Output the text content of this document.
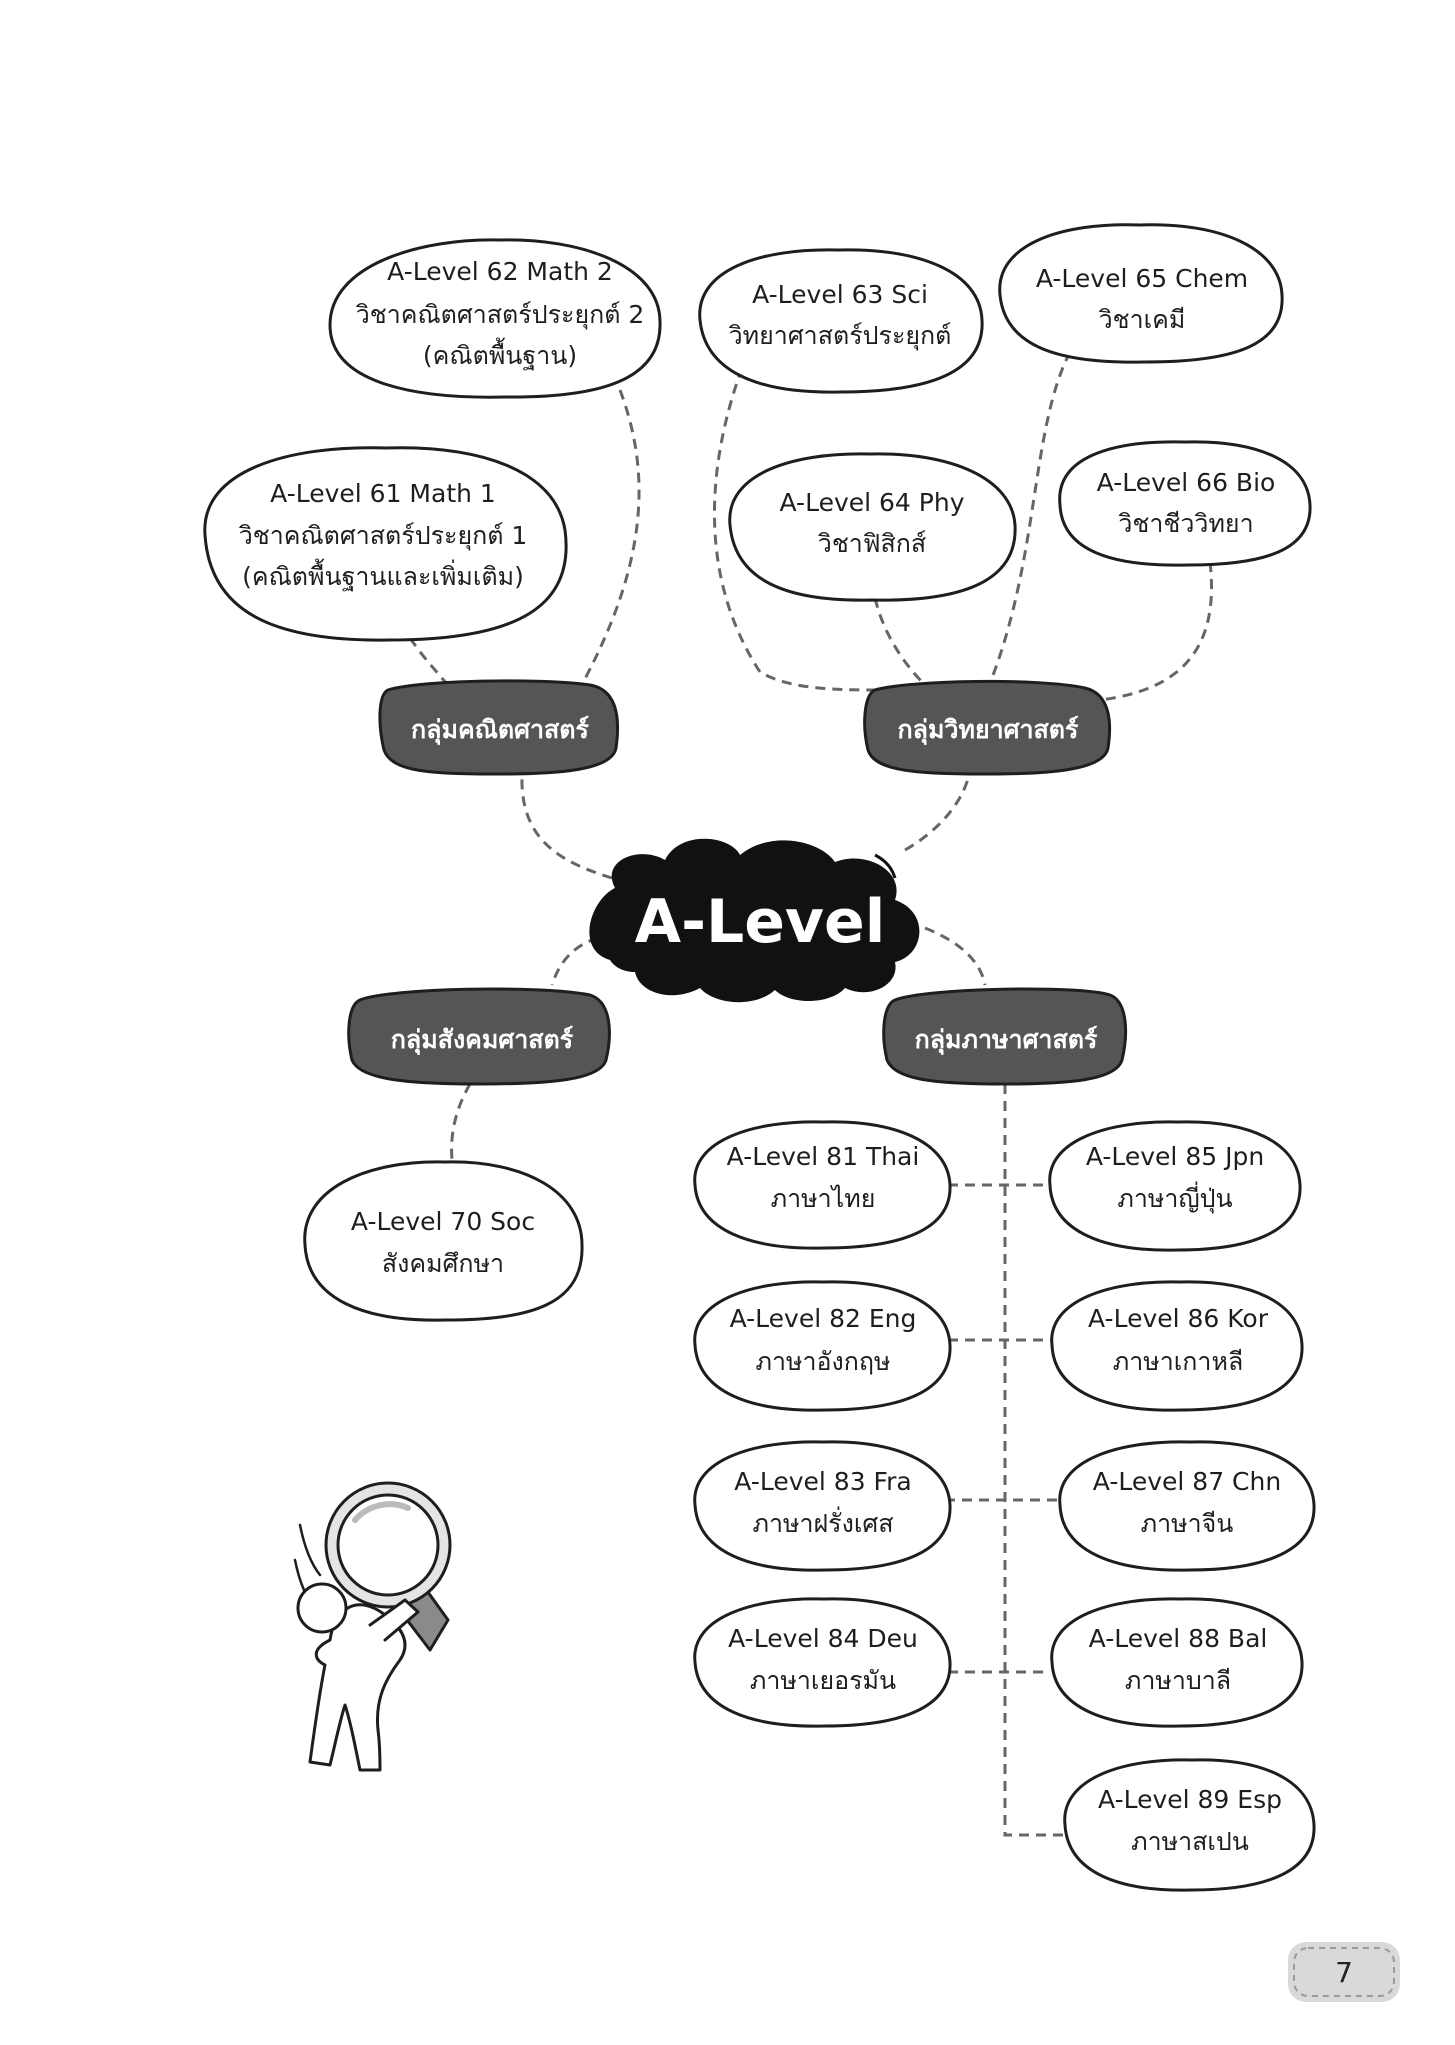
A-Level 62 Math 2
วิชาคณิตศาสตร์ประยุกต์ 2
(คณิตพื้นฐาน)
A-Level 61 Math 1
วิชาคณิตศาสตร์ประยุกต์ 1
(คณิตพื้นฐานและเพิ่มเติม)
A-Level 63 Sci
วิทยาศาสตร์ประยุกต์
A-Level 65 Chem
วิชาเคมี
A-Level 64 Phy
วิชาฟิสิกส์
A-Level 66 Bio
วิชาชีววิทยา
A-Level 70 Soc
สังคมศึกษา
A-Level 81 Thai
ภาษาไทย
A-Level 82 Eng
ภาษาอังกฤษ
A-Level 83 Fra
ภาษาฝรั่งเศส
A-Level 84 Deu
ภาษาเยอรมัน
A-Level 85 Jpn
ภาษาญี่ปุ่น
A-Level 86 Kor
ภาษาเกาหลี
A-Level 87 Chn
ภาษาจีน
A-Level 88 Bal
ภาษาบาลี
A-Level 89 Esp
ภาษาสเปน
กลุ่มคณิตศาสตร์	กลุ่มวิทยาศาสตร์
กลุ่มสังคมศาสตร์	กลุ่มภาษาศาสตร์
A-Level
7
